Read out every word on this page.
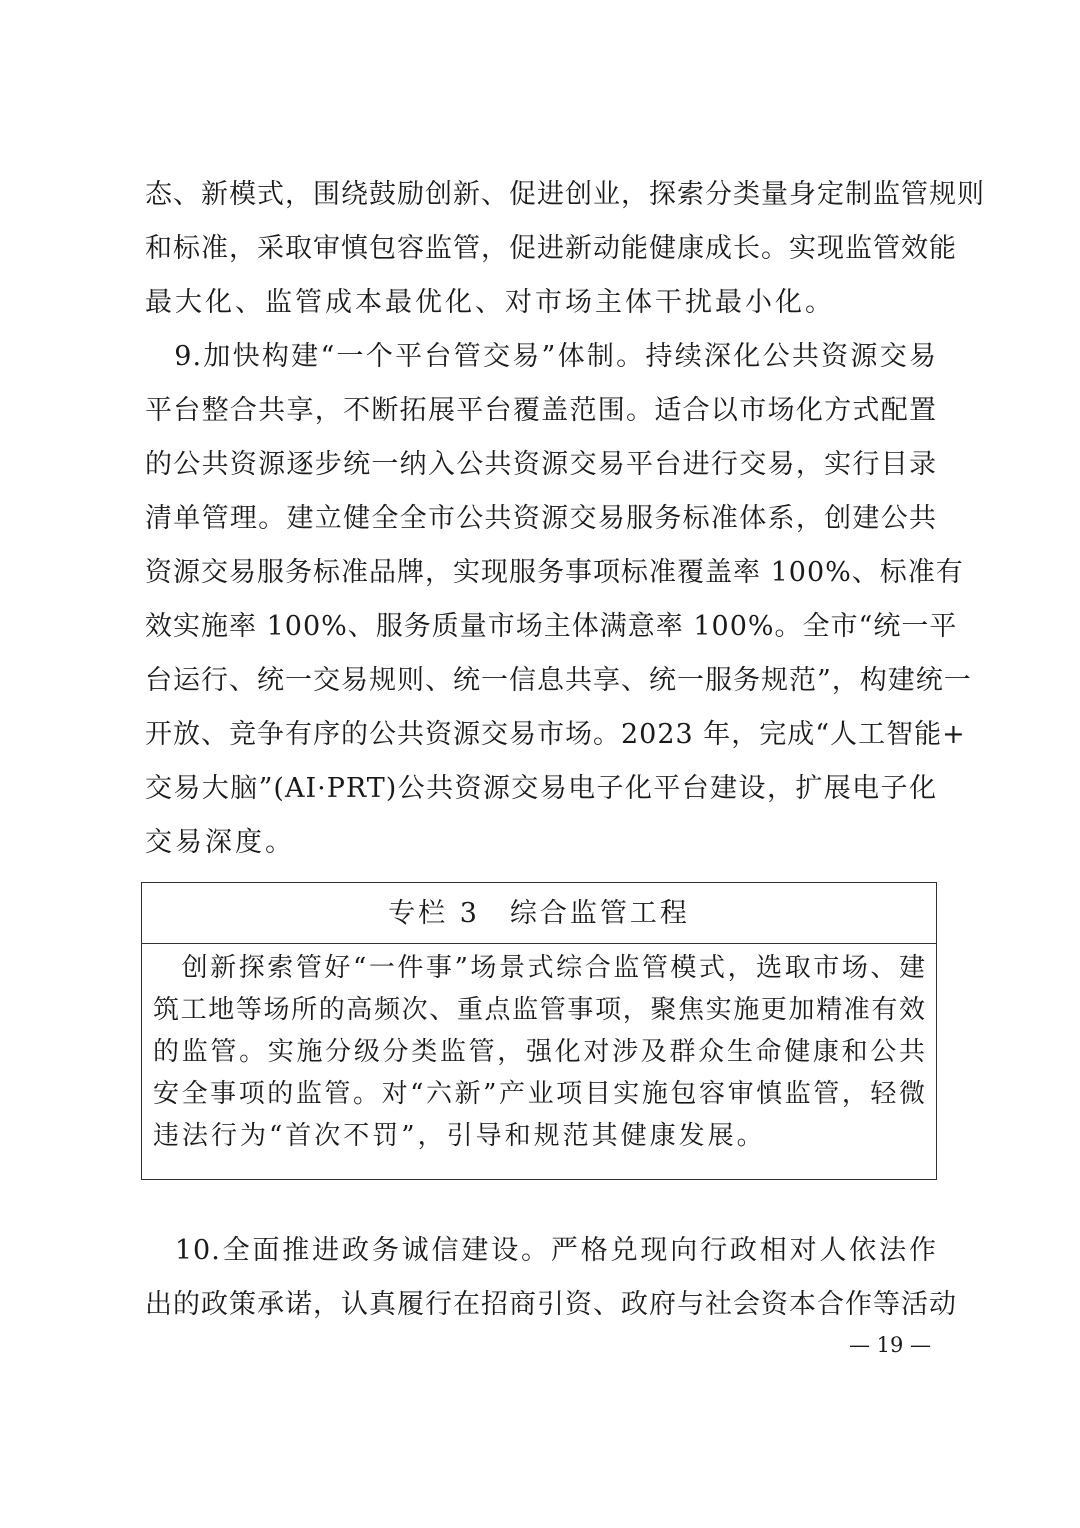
态、新模式，围绕鼓励创新、促进创业，探索分类量身定制监管规则
和标准，采取审慎包容监管，促进新动能健康成长。实现监管效能
最大化、监管成本最优化、对市场主体干扰最小化。
　9.加快构建“一个平台管交易”体制。持续深化公共资源交易
平台整合共享，不断拓展平台覆盖范围。适合以市场化方式配置
的公共资源逐步统一纳入公共资源交易平台进行交易，实行目录
清单管理。建立健全全市公共资源交易服务标准体系，创建公共
资源交易服务标准品牌，实现服务事项标准覆盖率 100%、标准有
效实施率 100%、服务质量市场主体满意率 100%。全市“统一平
台运行、统一交易规则、统一信息共享、统一服务规范”，构建统一
开放、竞争有序的公共资源交易市场。2023 年，完成“人工智能+
交易大脑”(AI·PRT)公共资源交易电子化平台建设，扩展电子化
交易深度。
专栏 3　综合监管工程
　创新探索管好“一件事”场景式综合监管模式，选取市场、建
筑工地等场所的高频次、重点监管事项，聚焦实施更加精准有效
的监管。实施分级分类监管，强化对涉及群众生命健康和公共
安全事项的监管。对“六新”产业项目实施包容审慎监管，轻微
违法行为“首次不罚”，引导和规范其健康发展。
　10.全面推进政务诚信建设。严格兑现向行政相对人依法作
出的政策承诺，认真履行在招商引资、政府与社会资本合作等活动
— 19 —
